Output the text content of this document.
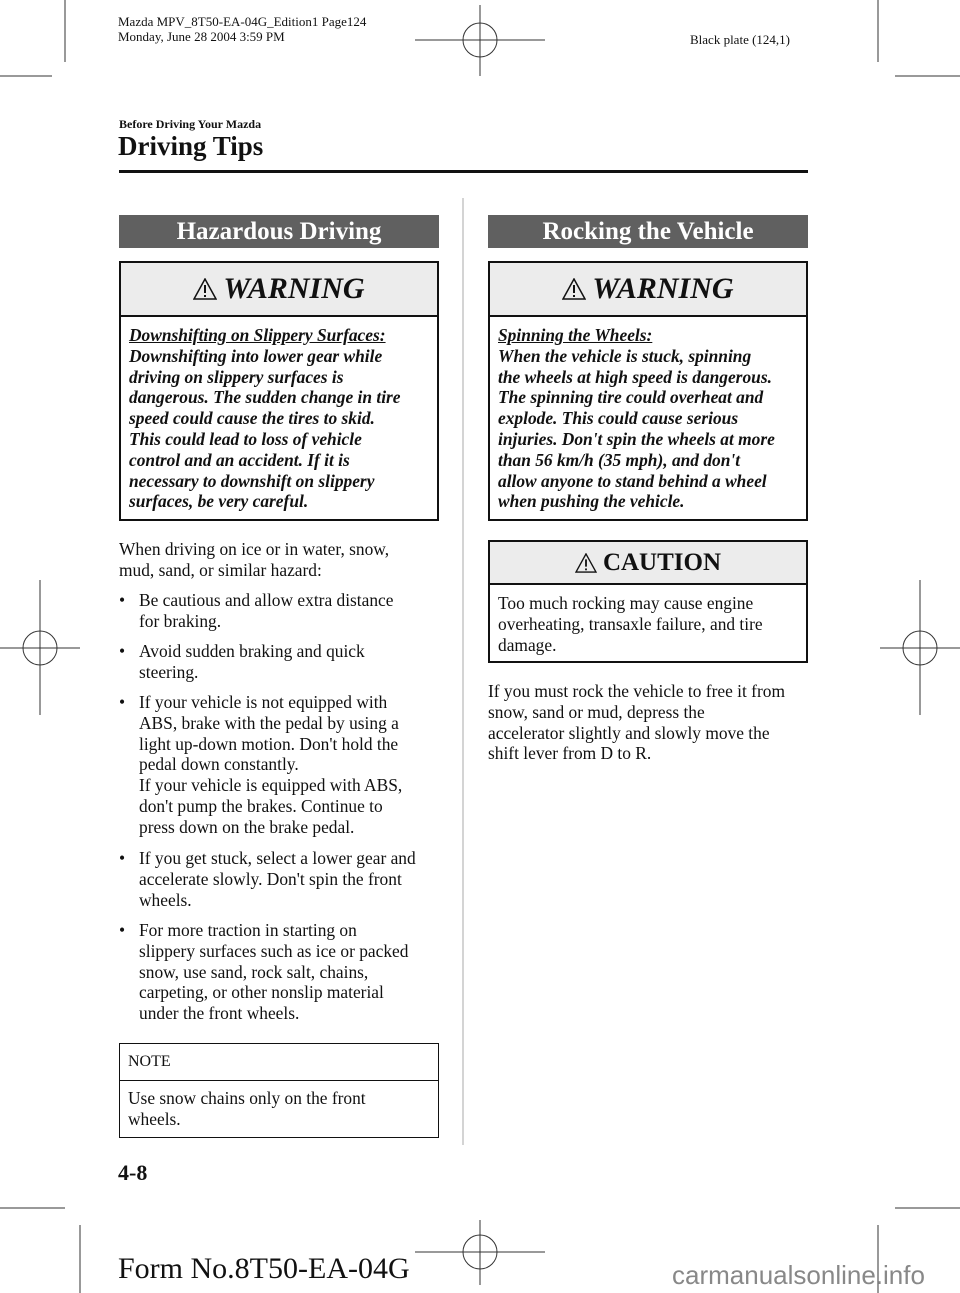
Mazda MPV_8T50-EA-04G_Edition1 Page124
Monday, June 28 2004 3:59 PM	Black plate (124,1)
Before Driving Your Mazda
Driving Tips
Hazardous Driving
WARNING
Downshifting on Slippery Surfaces:
Downshifting into lower gear while
driving on slippery surfaces is
dangerous. The sudden change in tire
speed could cause the tires to skid.
This could lead to loss of vehicle
control and an accident. If it is
necessary to downshift on slippery
surfaces, be very careful.
When driving on ice or in water, snow,
mud, sand, or similar hazard:
• Be cautious and allow extra distance
for braking.
• Avoid sudden braking and quick
steering.
• If your vehicle is not equipped with
ABS, brake with the pedal by using a
light up-down motion. Don't hold the
pedal down constantly.
If your vehicle is equipped with ABS,
don't pump the brakes. Continue to
press down on the brake pedal.
• If you get stuck, select a lower gear and
accelerate slowly. Don't spin the front
wheels.
• For more traction in starting on
slippery surfaces such as ice or packed
snow, use sand, rock salt, chains,
carpeting, or other nonslip material
under the front wheels.
NOTE
Use snow chains only on the front
wheels.
Rocking the Vehicle
WARNING
Spinning the Wheels:
When the vehicle is stuck, spinning
the wheels at high speed is dangerous.
The spinning tire could overheat and
explode. This could cause serious
injuries. Don't spin the wheels at more
than 56 km/h (35 mph), and don't
allow anyone to stand behind a wheel
when pushing the vehicle.
CAUTION
Too much rocking may cause engine
overheating, transaxle failure, and tire
damage.
If you must rock the vehicle to free it from
snow, sand or mud, depress the
accelerator slightly and slowly move the
shift lever from D to R.
4-8
Form No.8T50-EA-04G	carmanualsonline.info
